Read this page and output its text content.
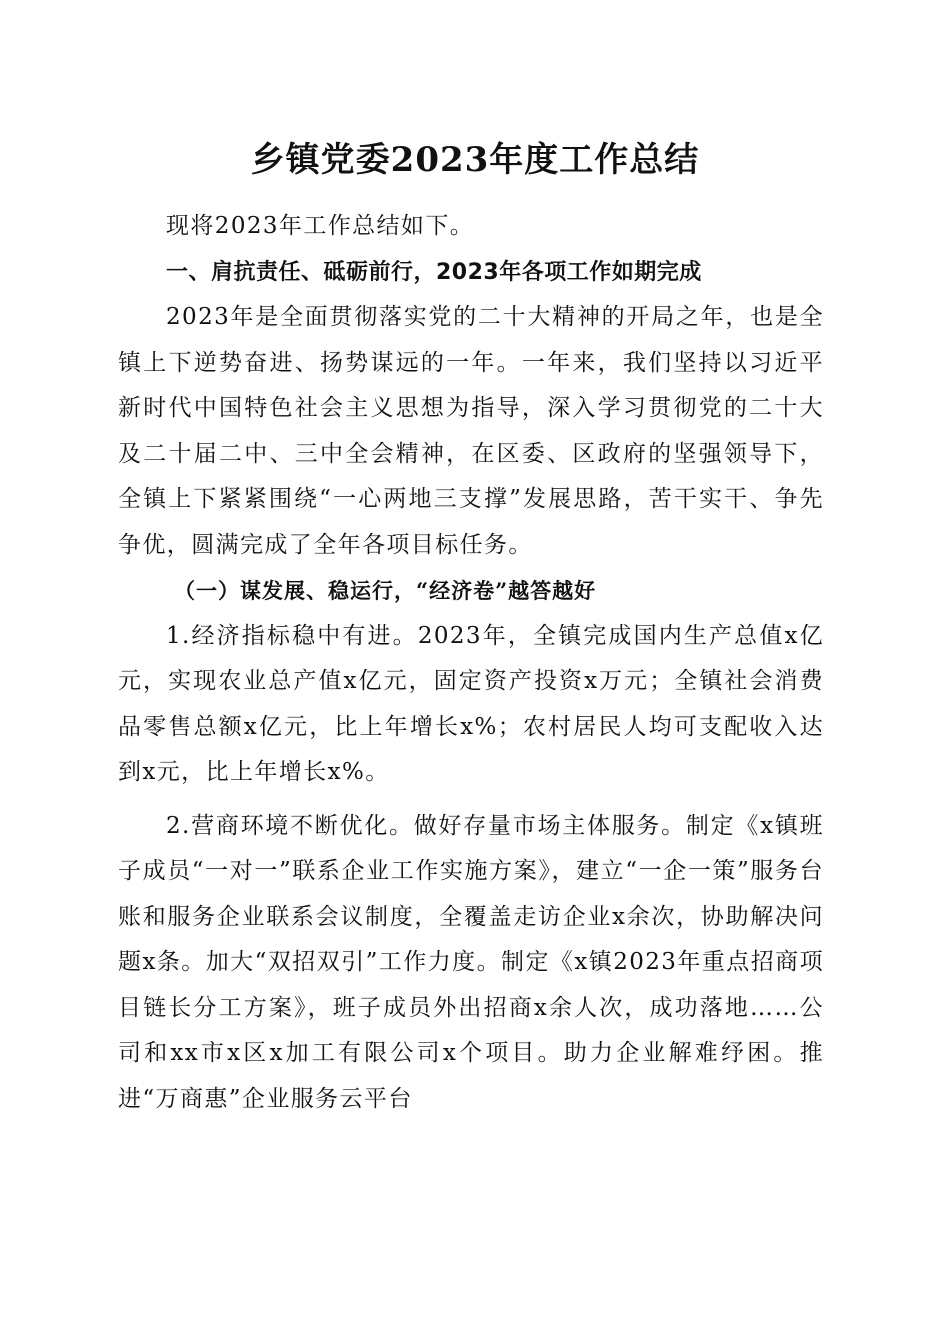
乡镇党委2023年度工作总结

现将2023年工作总结如下。

一、肩抗责任、砥砺前行，2023年各项工作如期完成

2023年是全面贯彻落实党的二十大精神的开局之年，也是全镇上下逆势奋进、扬势谋远的一年。一年来，我们坚持以习近平新时代中国特色社会主义思想为指导，深入学习贯彻党的二十大及二十届二中、三中全会精神，在区委、区政府的坚强领导下，全镇上下紧紧围绕“一心两地三支撑”发展思路，苦干实干、争先争优，圆满完成了全年各项目标任务。

（一）谋发展、稳运行，“经济卷”越答越好

1.经济指标稳中有进。2023年，全镇完成国内生产总值x亿元，实现农业总产值x亿元，固定资产投资x万元；全镇社会消费品零售总额x亿元，比上年增长x%；农村居民人均可支配收入达到x元，比上年增长x%。

2.营商环境不断优化。做好存量市场主体服务。制定《x镇班子成员“一对一”联系企业工作实施方案》，建立“一企一策”服务台账和服务企业联系会议制度，全覆盖走访企业x余次，协助解决问题x条。加大“双招双引”工作力度。制定《x镇2023年重点招商项目链长分工方案》，班子成员外出招商x余人次，成功落地……公司和xx市x区x加工有限公司x个项目。助力企业解难纾困。推进“万商惠”企业服务云平台
